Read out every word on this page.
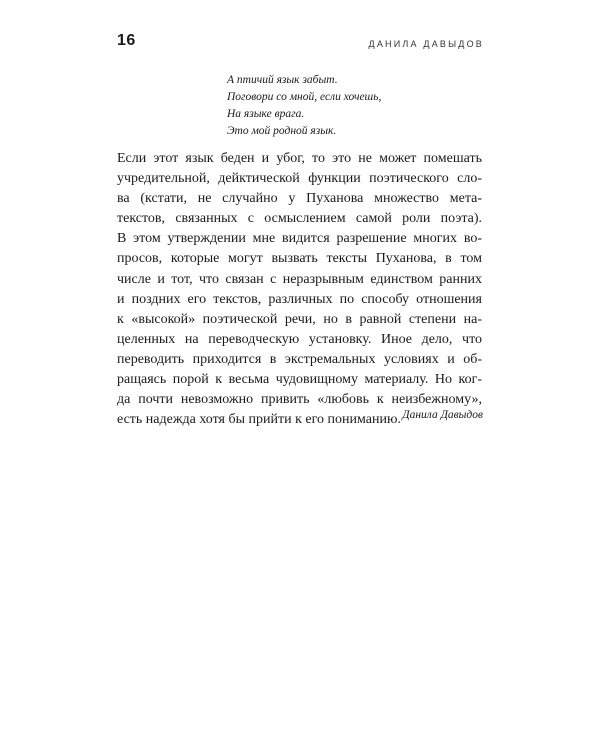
16	ДАНИЛА ДАВЫДОВ
А птичий язык забыт.
Поговори со мной, если хочешь,
На языке врага.
Это мой родной язык.
Если этот язык беден и убог, то это не может помешать
учредительной, дейктической функции поэтического сло-
ва (кстати, не случайно у Пуханова множество мета-
текстов, связанных с осмыслением самой роли поэта).
В этом утверждении мне видится разрешение многих во-
просов, которые могут вызвать тексты Пуханова, в том
числе и тот, что связан с неразрывным единством ранних
и поздних его текстов, различных по способу отношения
к «высокой» поэтической речи, но в равной степени на-
целенных на переводческую установку. Иное дело, что
переводить приходится в экстремальных условиях и об-
ращаясь порой к весьма чудовищному материалу. Но ког-
да почти невозможно привить «любовь к неизбежному»,
есть надежда хотя бы прийти к его пониманию. Данила Давыдов
